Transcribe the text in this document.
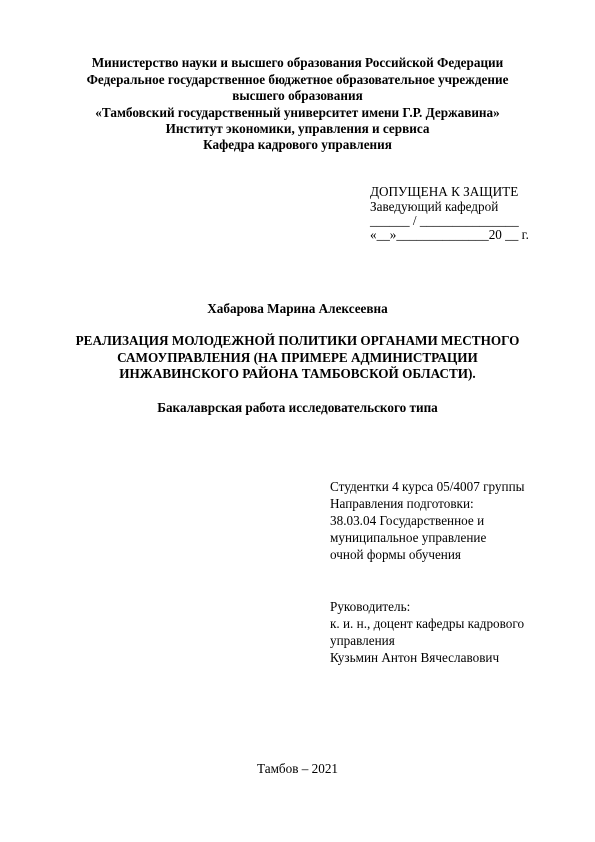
Министерство науки и высшего образования Российской Федерации
Федеральное государственное бюджетное образовательное учреждение
высшего образования
«Тамбовский государственный университет имени Г.Р. Державина»
Институт экономики, управления и сервиса
Кафедра кадрового управления
ДОПУЩЕНА К ЗАЩИТЕ
Заведующий кафедрой
______ / _______________
«__»______________20 __ г.
Хабарова Марина Алексеевна
РЕАЛИЗАЦИЯ МОЛОДЕЖНОЙ ПОЛИТИКИ ОРГАНАМИ МЕСТНОГО
САМОУПРАВЛЕНИЯ (НА ПРИМЕРЕ АДМИНИСТРАЦИИ
ИНЖАВИНСКОГО РАЙОНА ТАМБОВСКОЙ ОБЛАСТИ).
Бакалаврская работа исследовательского типа
Студентки 4 курса 05/4007 группы
Направления подготовки:
38.03.04 Государственное и
муниципальное управление
очной формы обучения
Руководитель:
к. и. н., доцент кафедры кадрового
управления
Кузьмин Антон Вячеславович
Тамбов – 2021
